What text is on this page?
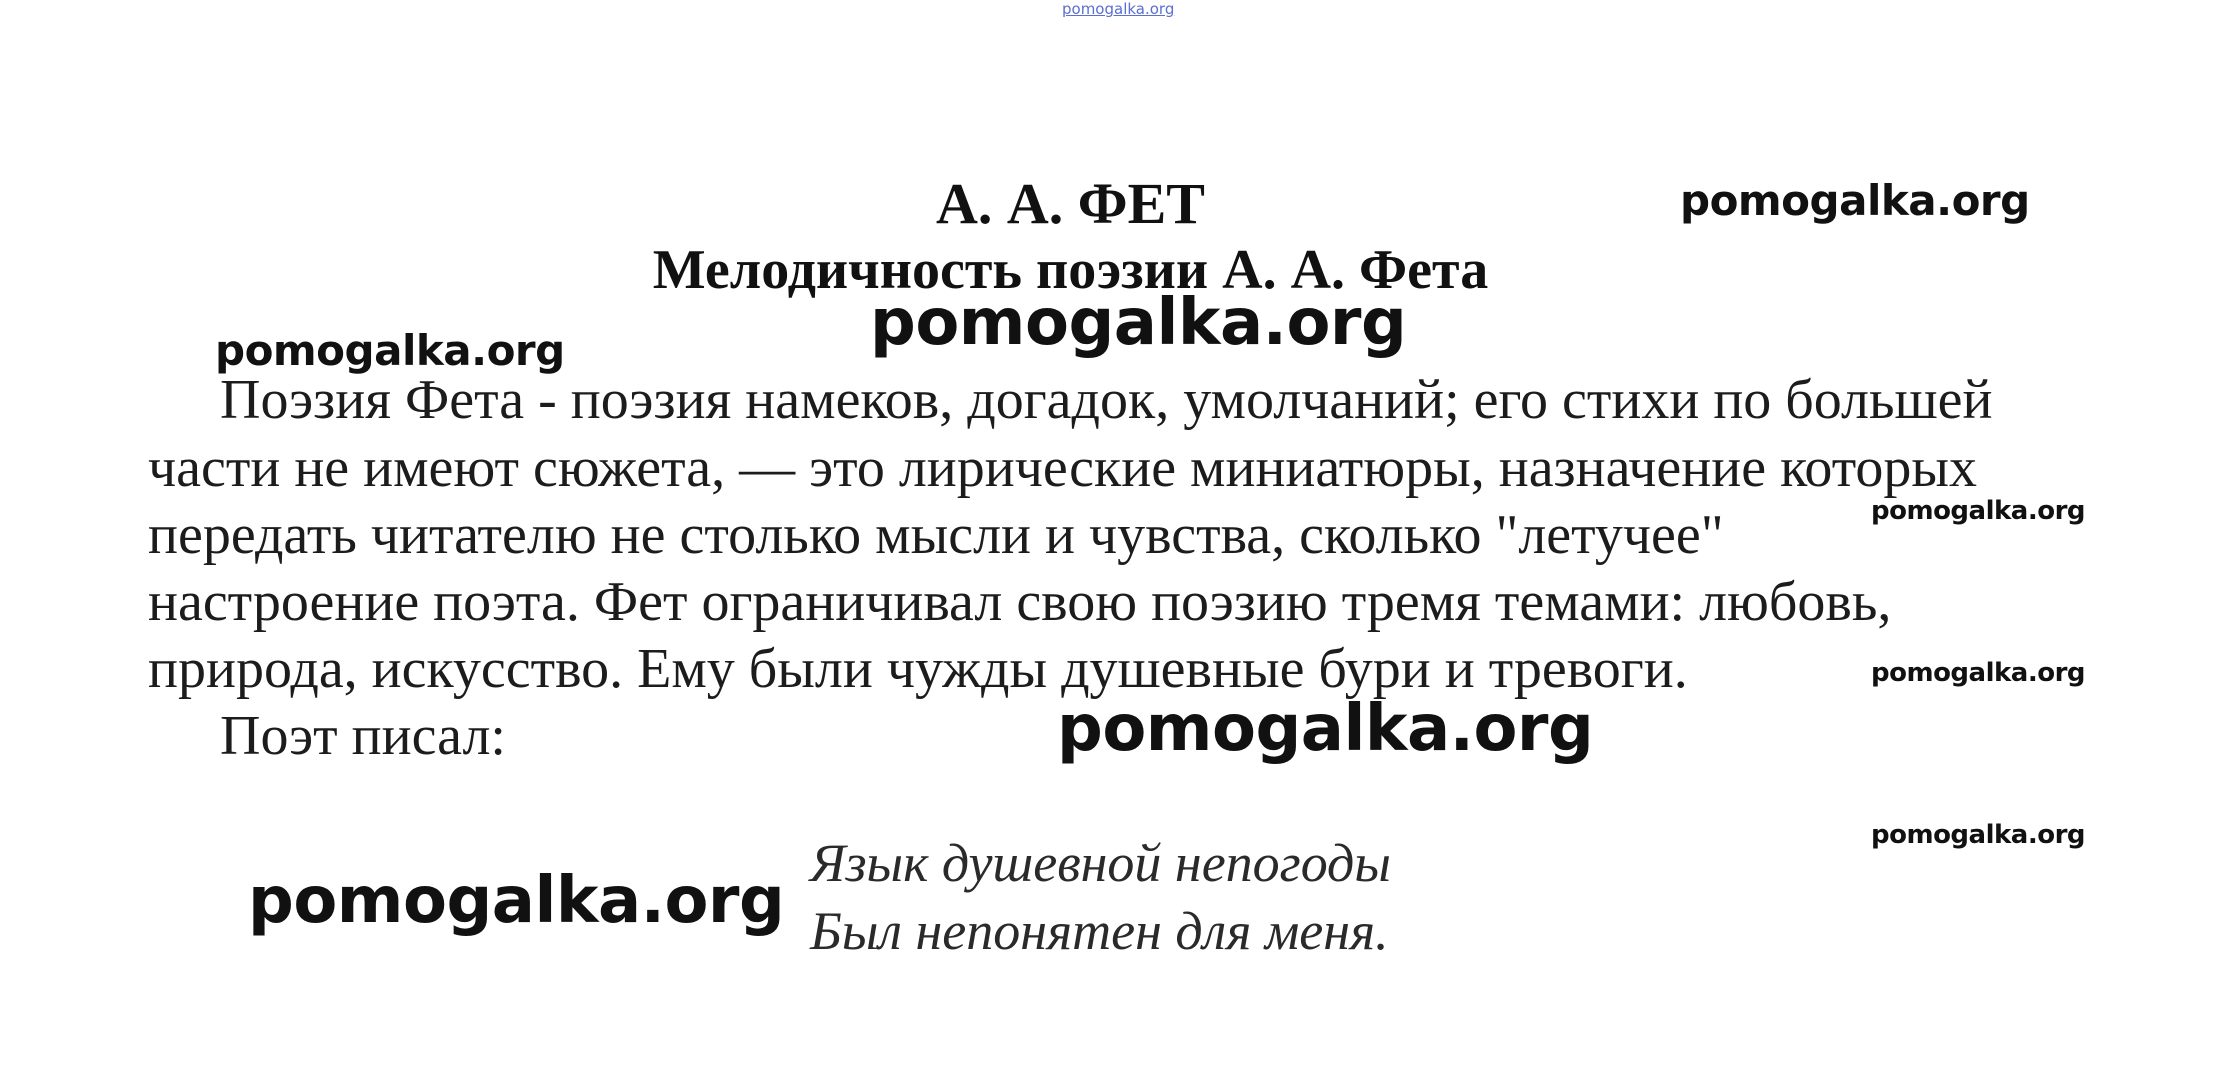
pomogalka.org
pomogalka.org
pomogalka.org
pomogalka.org
pomogalka.org
pomogalka.org
pomogalka.org
pomogalka.org
pomogalka.org
А. А. ФЕТ
Мелодичность поэзии А. А. Фета
Поэзия Фета - поэзия намеков, догадок, умолчаний; его стихи по большей
части не имеют сюжета, — это лирические миниатюры, назначение которых
передать читателю не столько мысли и чувства, сколько "летучее"
настроение поэта. Фет ограничивал свою поэзию тремя темами: любовь,
природа, искусство. Ему были чужды душевные бури и тревоги.
Поэт писал:
Язык душевной непогоды
Был непонятен для меня.
